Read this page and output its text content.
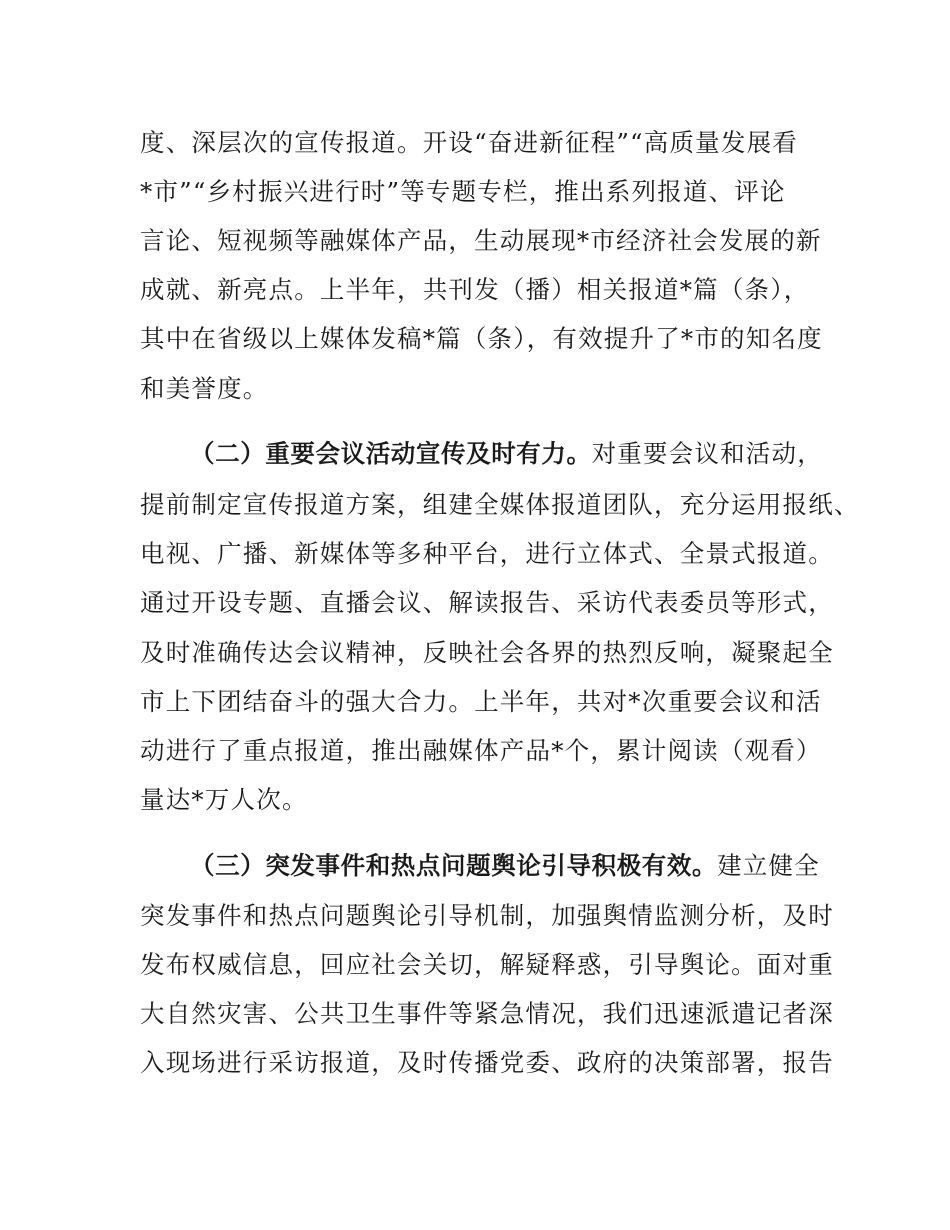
度、深层次的宣传报道。开设“奋进新征程”“高质量发展看
*市”“乡村振兴进行时”等专题专栏，推出系列报道、评论
言论、短视频等融媒体产品，生动展现*市经济社会发展的新
成就、新亮点。上半年，共刊发（播）相关报道*篇（条），
其中在省级以上媒体发稿*篇（条），有效提升了*市的知名度
和美誉度。
（二）重要会议活动宣传及时有力。对重要会议和活动，
提前制定宣传报道方案，组建全媒体报道团队，充分运用报纸、
电视、广播、新媒体等多种平台，进行立体式、全景式报道。
通过开设专题、直播会议、解读报告、采访代表委员等形式，
及时准确传达会议精神，反映社会各界的热烈反响，凝聚起全
市上下团结奋斗的强大合力。上半年，共对*次重要会议和活
动进行了重点报道，推出融媒体产品*个，累计阅读（观看）
量达*万人次。
（三）突发事件和热点问题舆论引导积极有效。建立健全
突发事件和热点问题舆论引导机制，加强舆情监测分析，及时
发布权威信息，回应社会关切，解疑释惑，引导舆论。面对重
大自然灾害、公共卫生事件等紧急情况，我们迅速派遣记者深
入现场进行采访报道，及时传播党委、政府的决策部署，报告
